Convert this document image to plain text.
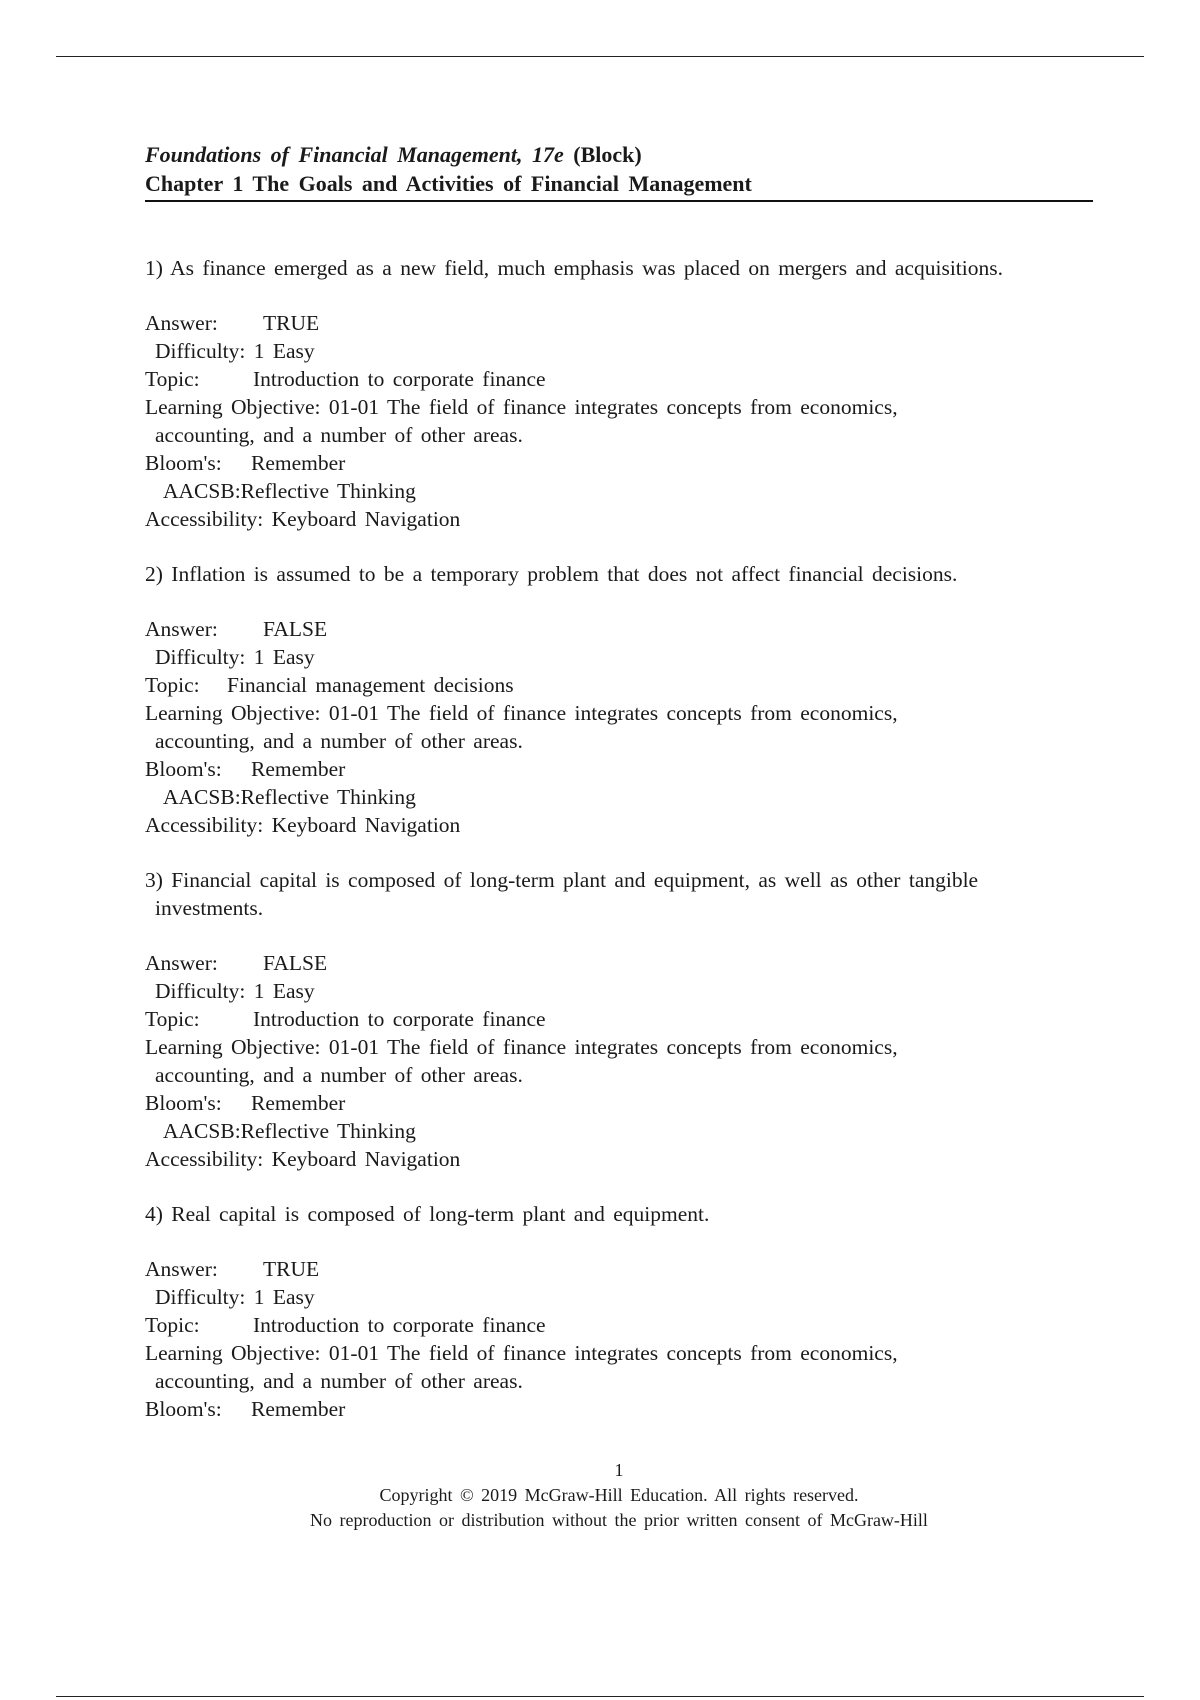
Foundations of Financial Management, 17e (Block)
Chapter 1 The Goals and Activities of Financial Management
1) As finance emerged as a new field, much emphasis was placed on mergers and acquisitions.
Answer: TRUE
Difficulty: 1 Easy
Topic: Introduction to corporate finance
Learning Objective: 01-01 The field of finance integrates concepts from economics,
accounting, and a number of other areas.
Bloom's: Remember
AACSB:Reflective Thinking
Accessibility: Keyboard Navigation
2) Inflation is assumed to be a temporary problem that does not affect financial decisions.
Answer: FALSE
Difficulty: 1 Easy
Topic: Financial management decisions
Learning Objective: 01-01 The field of finance integrates concepts from economics,
accounting, and a number of other areas.
Bloom's: Remember
AACSB:Reflective Thinking
Accessibility: Keyboard Navigation
3) Financial capital is composed of long-term plant and equipment, as well as other tangible investments.
Answer: FALSE
Difficulty: 1 Easy
Topic: Introduction to corporate finance
Learning Objective: 01-01 The field of finance integrates concepts from economics,
accounting, and a number of other areas.
Bloom's: Remember
AACSB:Reflective Thinking
Accessibility: Keyboard Navigation
4) Real capital is composed of long-term plant and equipment.
Answer: TRUE
Difficulty: 1 Easy
Topic: Introduction to corporate finance
Learning Objective: 01-01 The field of finance integrates concepts from economics,
accounting, and a number of other areas.
Bloom's: Remember
1
Copyright © 2019 McGraw-Hill Education. All rights reserved.
No reproduction or distribution without the prior written consent of McGraw-Hill
